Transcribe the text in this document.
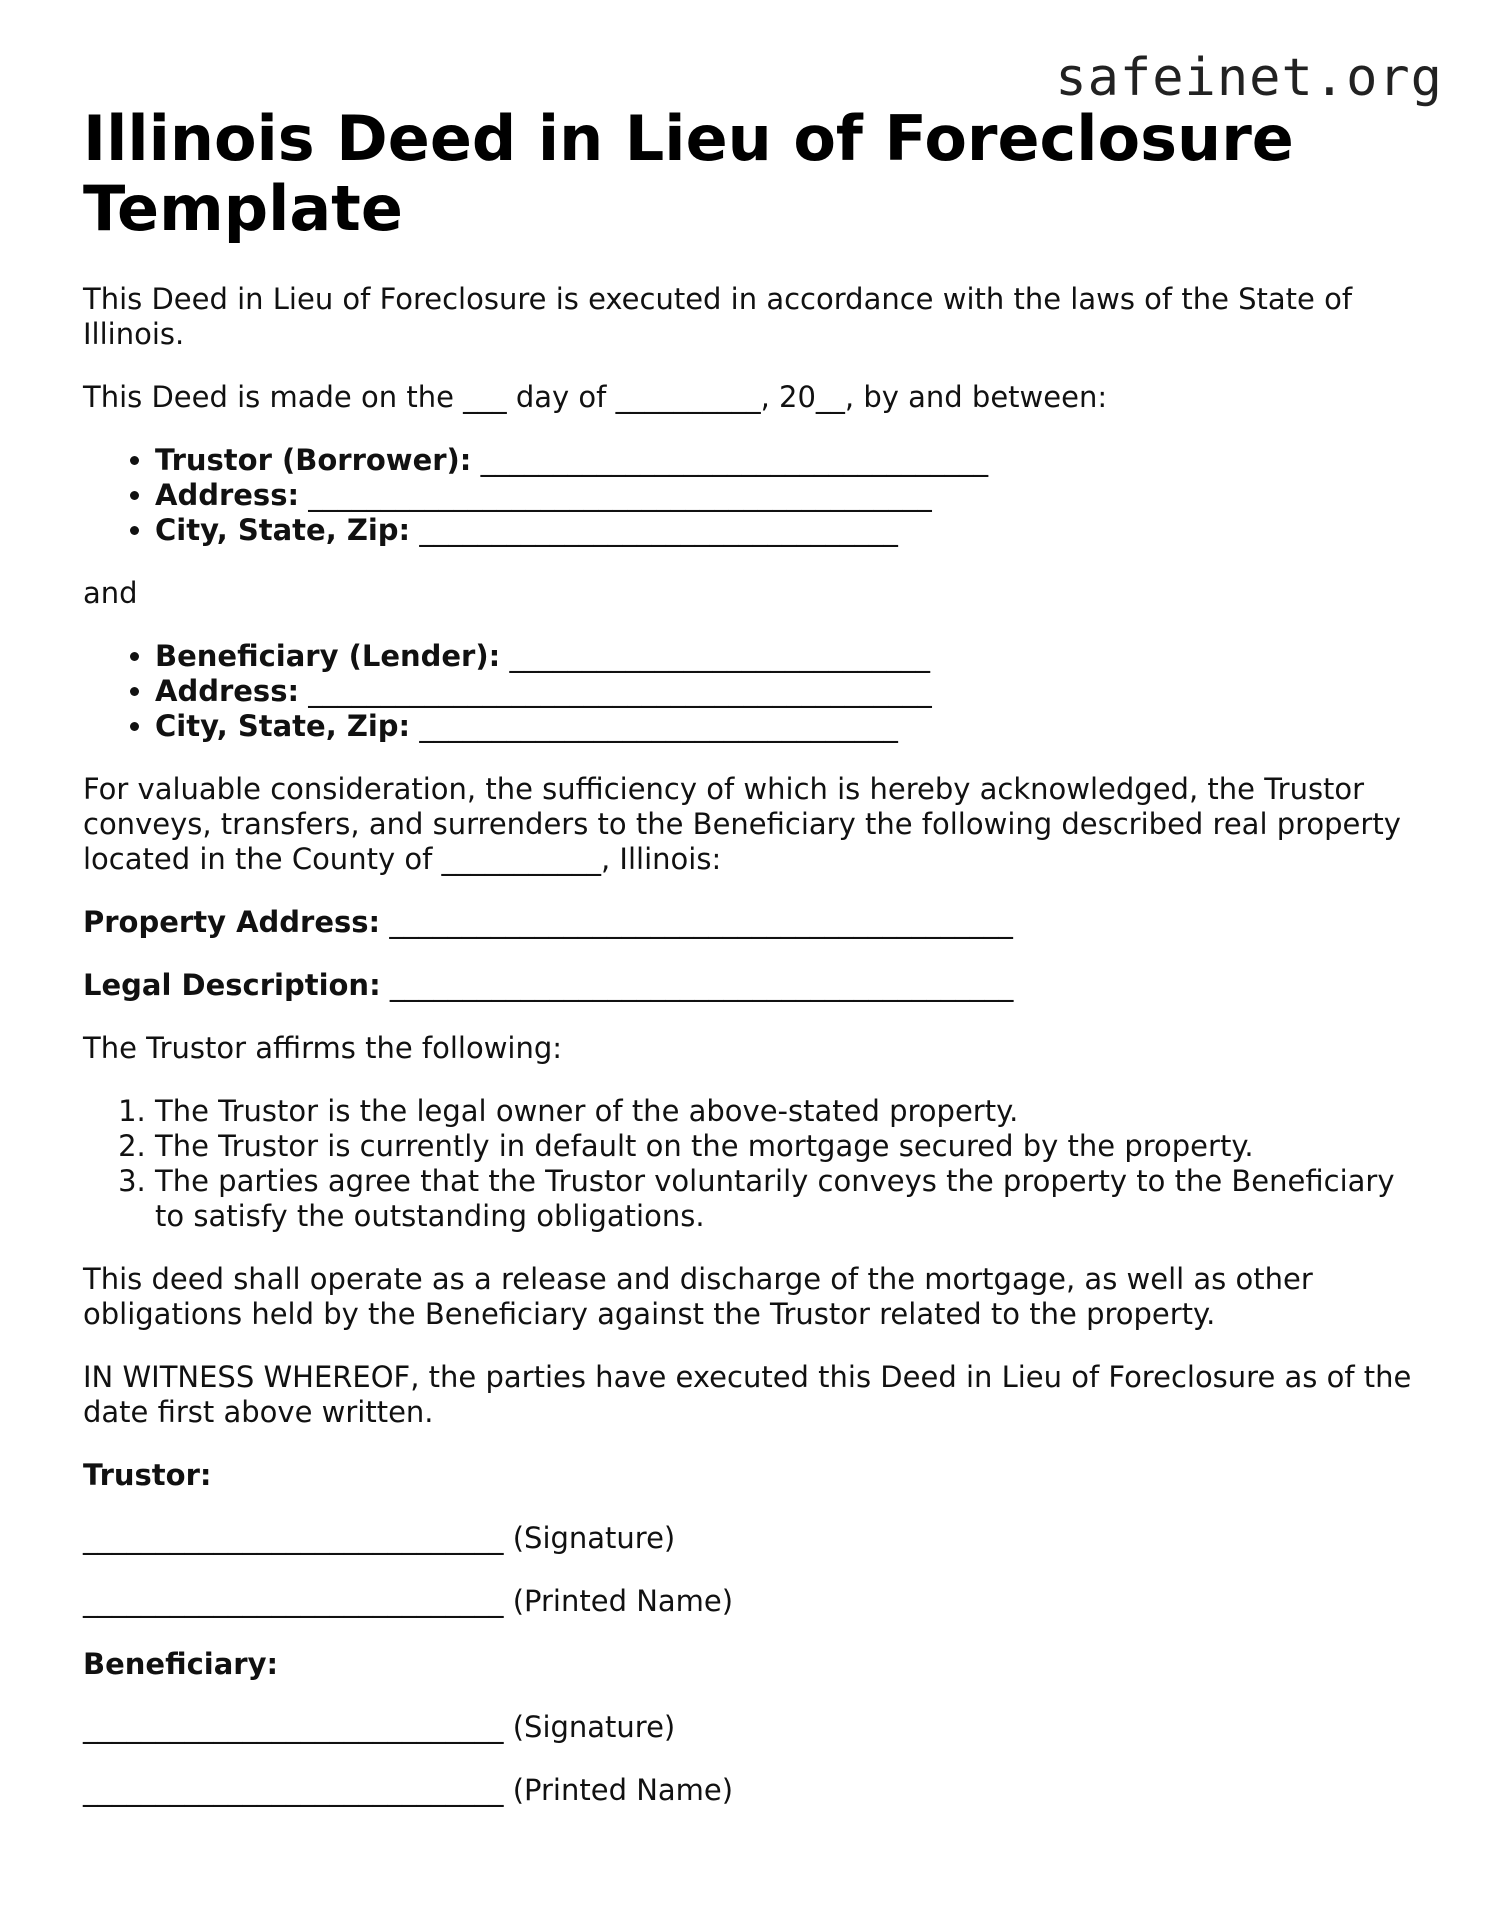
safeinet.org
Illinois Deed in Lieu of Foreclosure Template

This Deed in Lieu of Foreclosure is executed in accordance with the laws of the State of Illinois.

This Deed is made on the ___ day of __________, 20__, by and between:

• Trustor (Borrower): ___________________________________
• Address: ___________________________________________
• City, State, Zip: _________________________________

and

• Beneficiary (Lender): _____________________________
• Address: ___________________________________________
• City, State, Zip: _________________________________

For valuable consideration, the sufficiency of which is hereby acknowledged, the Trustor conveys, transfers, and surrenders to the Beneficiary the following described real property located in the County of ___________, Illinois:

Property Address: ___________________________________________

Legal Description: ___________________________________________

The Trustor affirms the following:

1. The Trustor is the legal owner of the above-stated property.
2. The Trustor is currently in default on the mortgage secured by the property.
3. The parties agree that the Trustor voluntarily conveys the property to the Beneficiary to satisfy the outstanding obligations.

This deed shall operate as a release and discharge of the mortgage, as well as other obligations held by the Beneficiary against the Trustor related to the property.

IN WITNESS WHEREOF, the parties have executed this Deed in Lieu of Foreclosure as of the date first above written.

Trustor:

_____________________________ (Signature)

_____________________________ (Printed Name)

Beneficiary:

_____________________________ (Signature)

_____________________________ (Printed Name)
